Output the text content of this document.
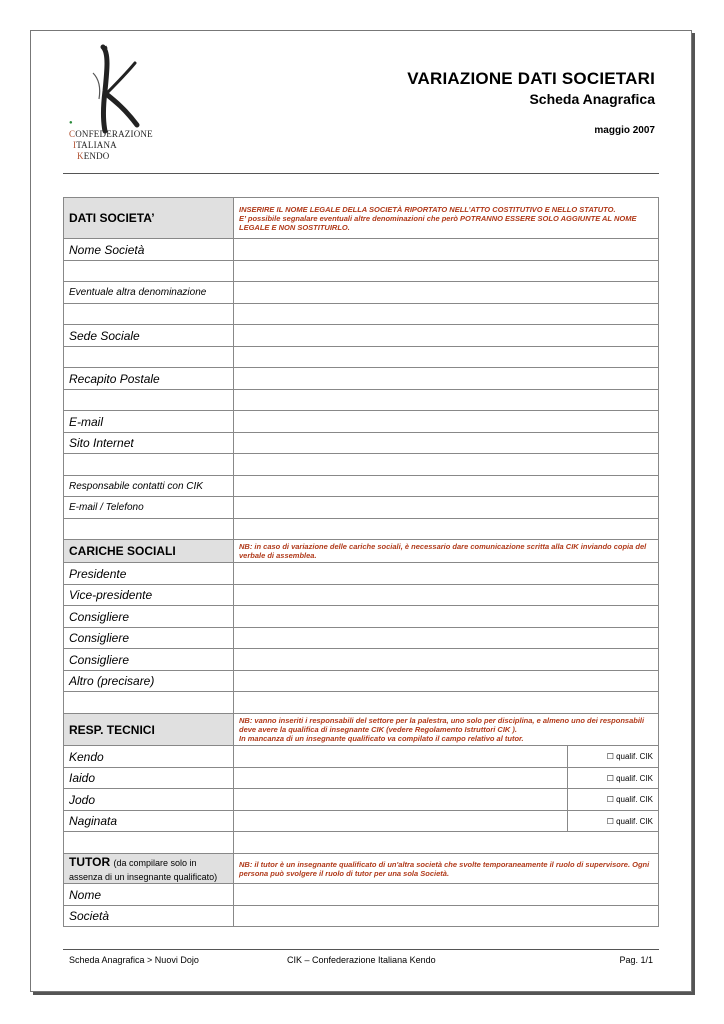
●
CONFEDERAZIONE
ITALIANA
KENDO
VARIAZIONE DATI SOCIETARI
Scheda Anagrafica
maggio 2007
DATI SOCIETA’	INSERIRE IL NOME LEGALE DELLA SOCIETÀ RIPORTATO NELL’ATTO COSTITUTIVO E NELLO STATUTO.
E’ possibile segnalare eventuali altre denominazioni che però POTRANNO ESSERE SOLO AGGIUNTE AL NOME LEGALE E NON SOSTITUIRLO.	
Nome Società		

Eventuale altra denominazione		

Sede Sociale		

Recapito Postale		

E-mail		
Sito Internet		

Responsabile contatti con CIK		
E-mail / Telefono		

CARICHE SOCIALI	NB: in caso di variazione delle cariche sociali, è necessario dare comunicazione scritta alla CIK inviando copia del verbale di assemblea.	
Presidente		
Vice-presidente		
Consigliere		
Consigliere		
Consigliere		
Altro (precisare)		

RESP. TECNICI	NB: vanno inseriti i responsabili del settore per la palestra, uno solo per disciplina, e almeno uno dei responsabili deve avere la qualifica di insegnante CIK (vedere Regolamento Istruttori CIK ).
In mancanza di un insegnante qualificato va compilato il campo relativo al tutor.	
Kendo		☐ qualif. CIK
Iaido		☐ qualif. CIK
Jodo		☐ qualif. CIK
Naginata		☐ qualif. CIK

TUTOR (da compilare solo in
assenza di un insegnante qualificato)	NB: il tutor è un insegnante qualificato di un'altra società che svolte temporaneamente il ruolo di supervisore. Ogni persona può svolgere il ruolo di tutor per una sola Società.	
Nome		
Società		
Scheda Anagrafica > Nuovi Dojo	CIK – Confederazione Italiana Kendo	Pag. 1/1
